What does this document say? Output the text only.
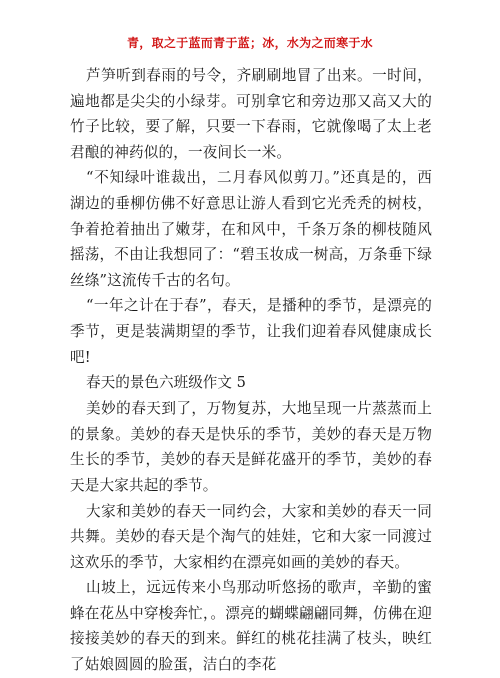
青，取之于蓝而青于蓝；冰，水为之而寒于水

芦笋听到春雨的号令，齐刷刷地冒了出来。一时间，遍地都是尖尖的小绿芽。可别拿它和旁边那又高又大的竹子比较，要了解，只要一下春雨，它就像喝了太上老君酿的神药似的，一夜间长一米。

“不知绿叶谁裁出，二月春风似剪刀。”还真是的，西湖边的垂柳仿佛不好意思让游人看到它光秃秃的树枝，争着抢着抽出了嫩芽，在和风中，千条万条的柳枝随风摇荡，不由让我想同了：“碧玉妆成一树高，万条垂下绿丝绦”这流传千古的名句。

“一年之计在于春”，春天，是播种的季节，是漂亮的季节，更是装满期望的季节，让我们迎着春风健康成长吧!

春天的景色六班级作文 5

美妙的春天到了，万物复苏，大地呈现一片蒸蒸而上的景象。美妙的春天是快乐的季节，美妙的春天是万物生长的季节，美妙的春天是鲜花盛开的季节，美妙的春天是大家共起的季节。

大家和美妙的春天一同约会，大家和美妙的春天一同共舞。美妙的春天是个淘气的娃娃，它和大家一同渡过这欢乐的季节，大家相约在漂亮如画的美妙的春天。

山坡上，远远传来小鸟那动听悠扬的歌声，辛勤的蜜蜂在花丛中穿梭奔忙，。漂亮的蝴蝶翩翩同舞，仿佛在迎接接美妙的春天的到来。鲜红的桃花挂满了枝头，映红了姑娘圆圆的脸蛋，洁白的李花
